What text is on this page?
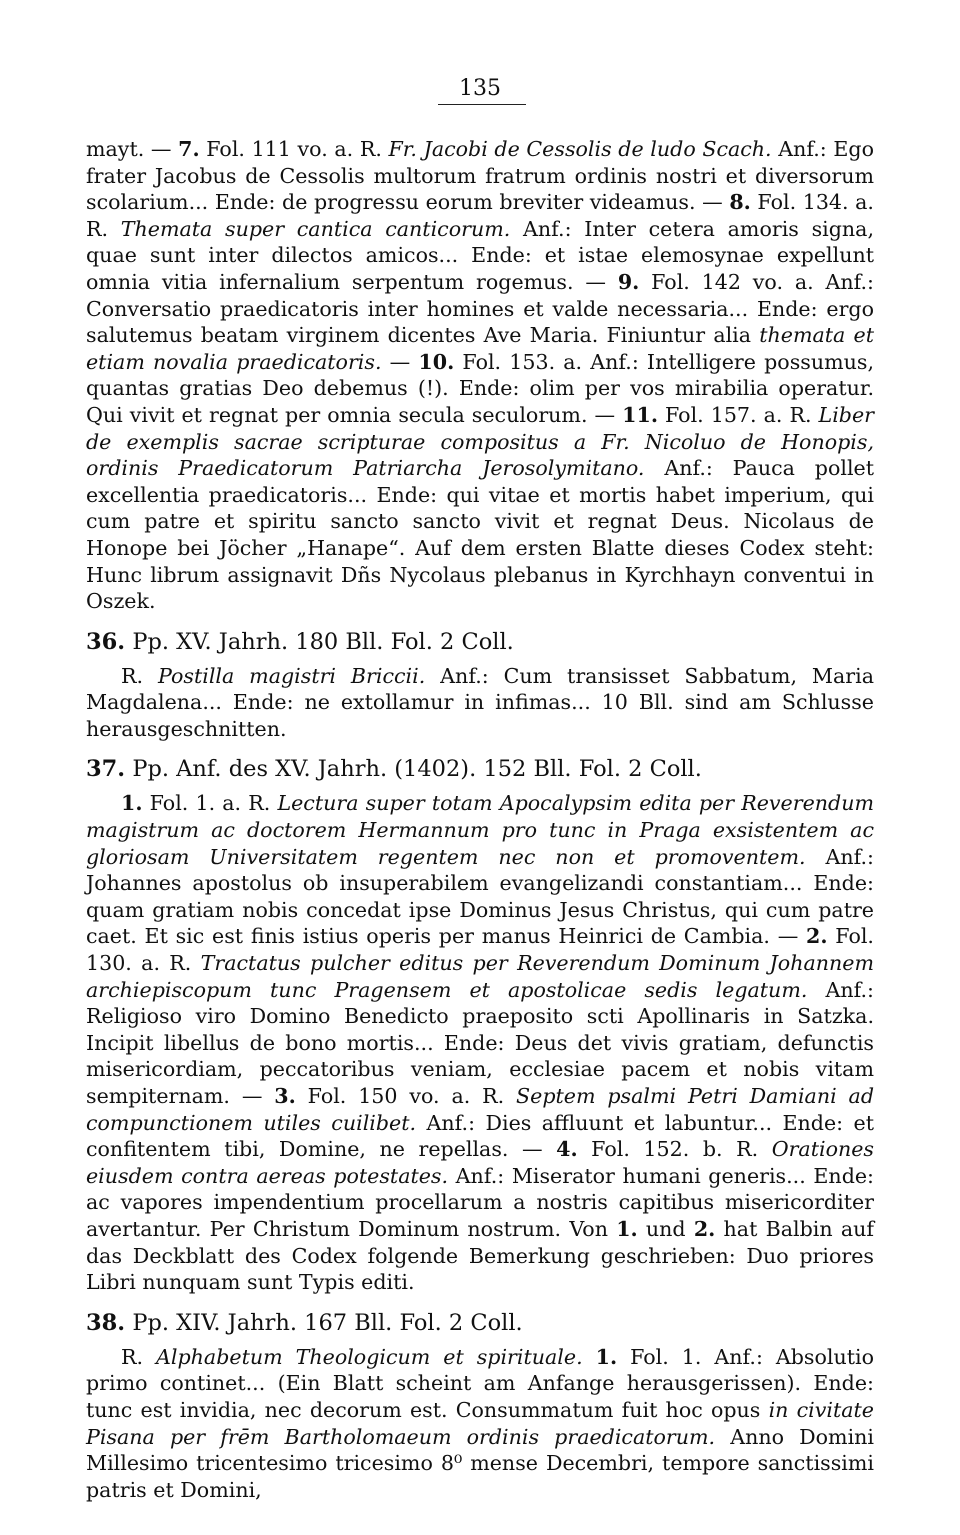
135

mayt. — 7. Fol. 111 vo. a. R. Fr. Jacobi de Cessolis de ludo Scach. Anf.: Ego frater Jacobus de Cessolis multorum fratrum ordinis nostri et diversorum scolarium... Ende: de progressu eorum breviter videamus. — 8. Fol. 134. a. R. Themata super cantica canticorum. Anf.: Inter cetera amoris signa, quae sunt inter dilectos amicos... Ende: et istae elemosynae expellunt omnia vitia infernalium serpentum rogemus. — 9. Fol. 142 vo. a. Anf.: Conversatio praedicatoris inter homines et valde necessaria... Ende: ergo salutemus beatam virginem dicentes Ave Maria. Finiuntur alia themata et etiam novalia praedicatoris. — 10. Fol. 153. a. Anf.: Intelligere possumus, quantas gratias Deo debemus (!). Ende: olim per vos mirabilia operatur. Qui vivit et regnat per omnia secula seculorum. — 11. Fol. 157. a. R. Liber de exemplis sacrae scripturae compositus a Fr. Nicoluo de Honopis, ordinis Praedicatorum Patriarcha Jerosolymitano. Anf.: Pauca pollet excellentia praedicatoris... Ende: qui vitae et mortis habet imperium, qui cum patre et spiritu sancto sancto vivit et regnat Deus. Nicolaus de Honope bei Jöcher „Hanape“. Auf dem ersten Blatte dieses Codex steht: Hunc librum assignavit Dñs Nycolaus plebanus in Kyrchhayn conventui in Oszek.

36. Pp. XV. Jahrh. 180 Bll. Fol. 2 Coll.

R. Postilla magistri Briccii. Anf.: Cum transisset Sabbatum, Maria Magdalena... Ende: ne extollamur in infimas... 10 Bll. sind am Schlusse herausgeschnitten.

37. Pp. Anf. des XV. Jahrh. (1402). 152 Bll. Fol. 2 Coll.

1. Fol. 1. a. R. Lectura super totam Apocalypsim edita per Reverendum magistrum ac doctorem Hermannum pro tunc in Praga exsistentem ac gloriosam Universitatem regentem nec non et promoventem. Anf.: Johannes apostolus ob insuperabilem evangelizandi constantiam... Ende: quam gratiam nobis concedat ipse Dominus Jesus Christus, qui cum patre caet. Et sic est finis istius operis per manus Heinrici de Cambia. — 2. Fol. 130. a. R. Tractatus pulcher editus per Reverendum Dominum Johannem archiepiscopum tunc Pragensem et apostolicae sedis legatum. Anf.: Religioso viro Domino Benedicto praeposito scti Apollinaris in Satzka. Incipit libellus de bono mortis... Ende: Deus det vivis gratiam, defunctis misericordiam, peccatoribus veniam, ecclesiae pacem et nobis vitam sempiternam. — 3. Fol. 150 vo. a. R. Septem psalmi Petri Damiani ad compunctionem utiles cuilibet. Anf.: Dies affluunt et labuntur... Ende: et confitentem tibi, Domine, ne repellas. — 4. Fol. 152. b. R. Orationes eiusdem contra aereas potestates. Anf.: Miserator humani generis... Ende: ac vapores impendentium procellarum a nostris capitibus misericorditer avertantur. Per Christum Dominum nostrum. Von 1. und 2. hat Balbin auf das Deckblatt des Codex folgende Bemerkung geschrieben: Duo priores Libri nunquam sunt Typis editi.

38. Pp. XIV. Jahrh. 167 Bll. Fol. 2 Coll.

R. Alphabetum Theologicum et spirituale. 1. Fol. 1. Anf.: Absolutio primo continet... (Ein Blatt scheint am Anfange herausgerissen). Ende: tunc est invidia, nec decorum est. Consummatum fuit hoc opus in civitate Pisana per frēm Bartholomaeum ordinis praedicatorum. Anno Domini Millesimo tricentesimo tricesimo 8⁰ mense Decembri, tempore sanctissimi patris et Domini,
